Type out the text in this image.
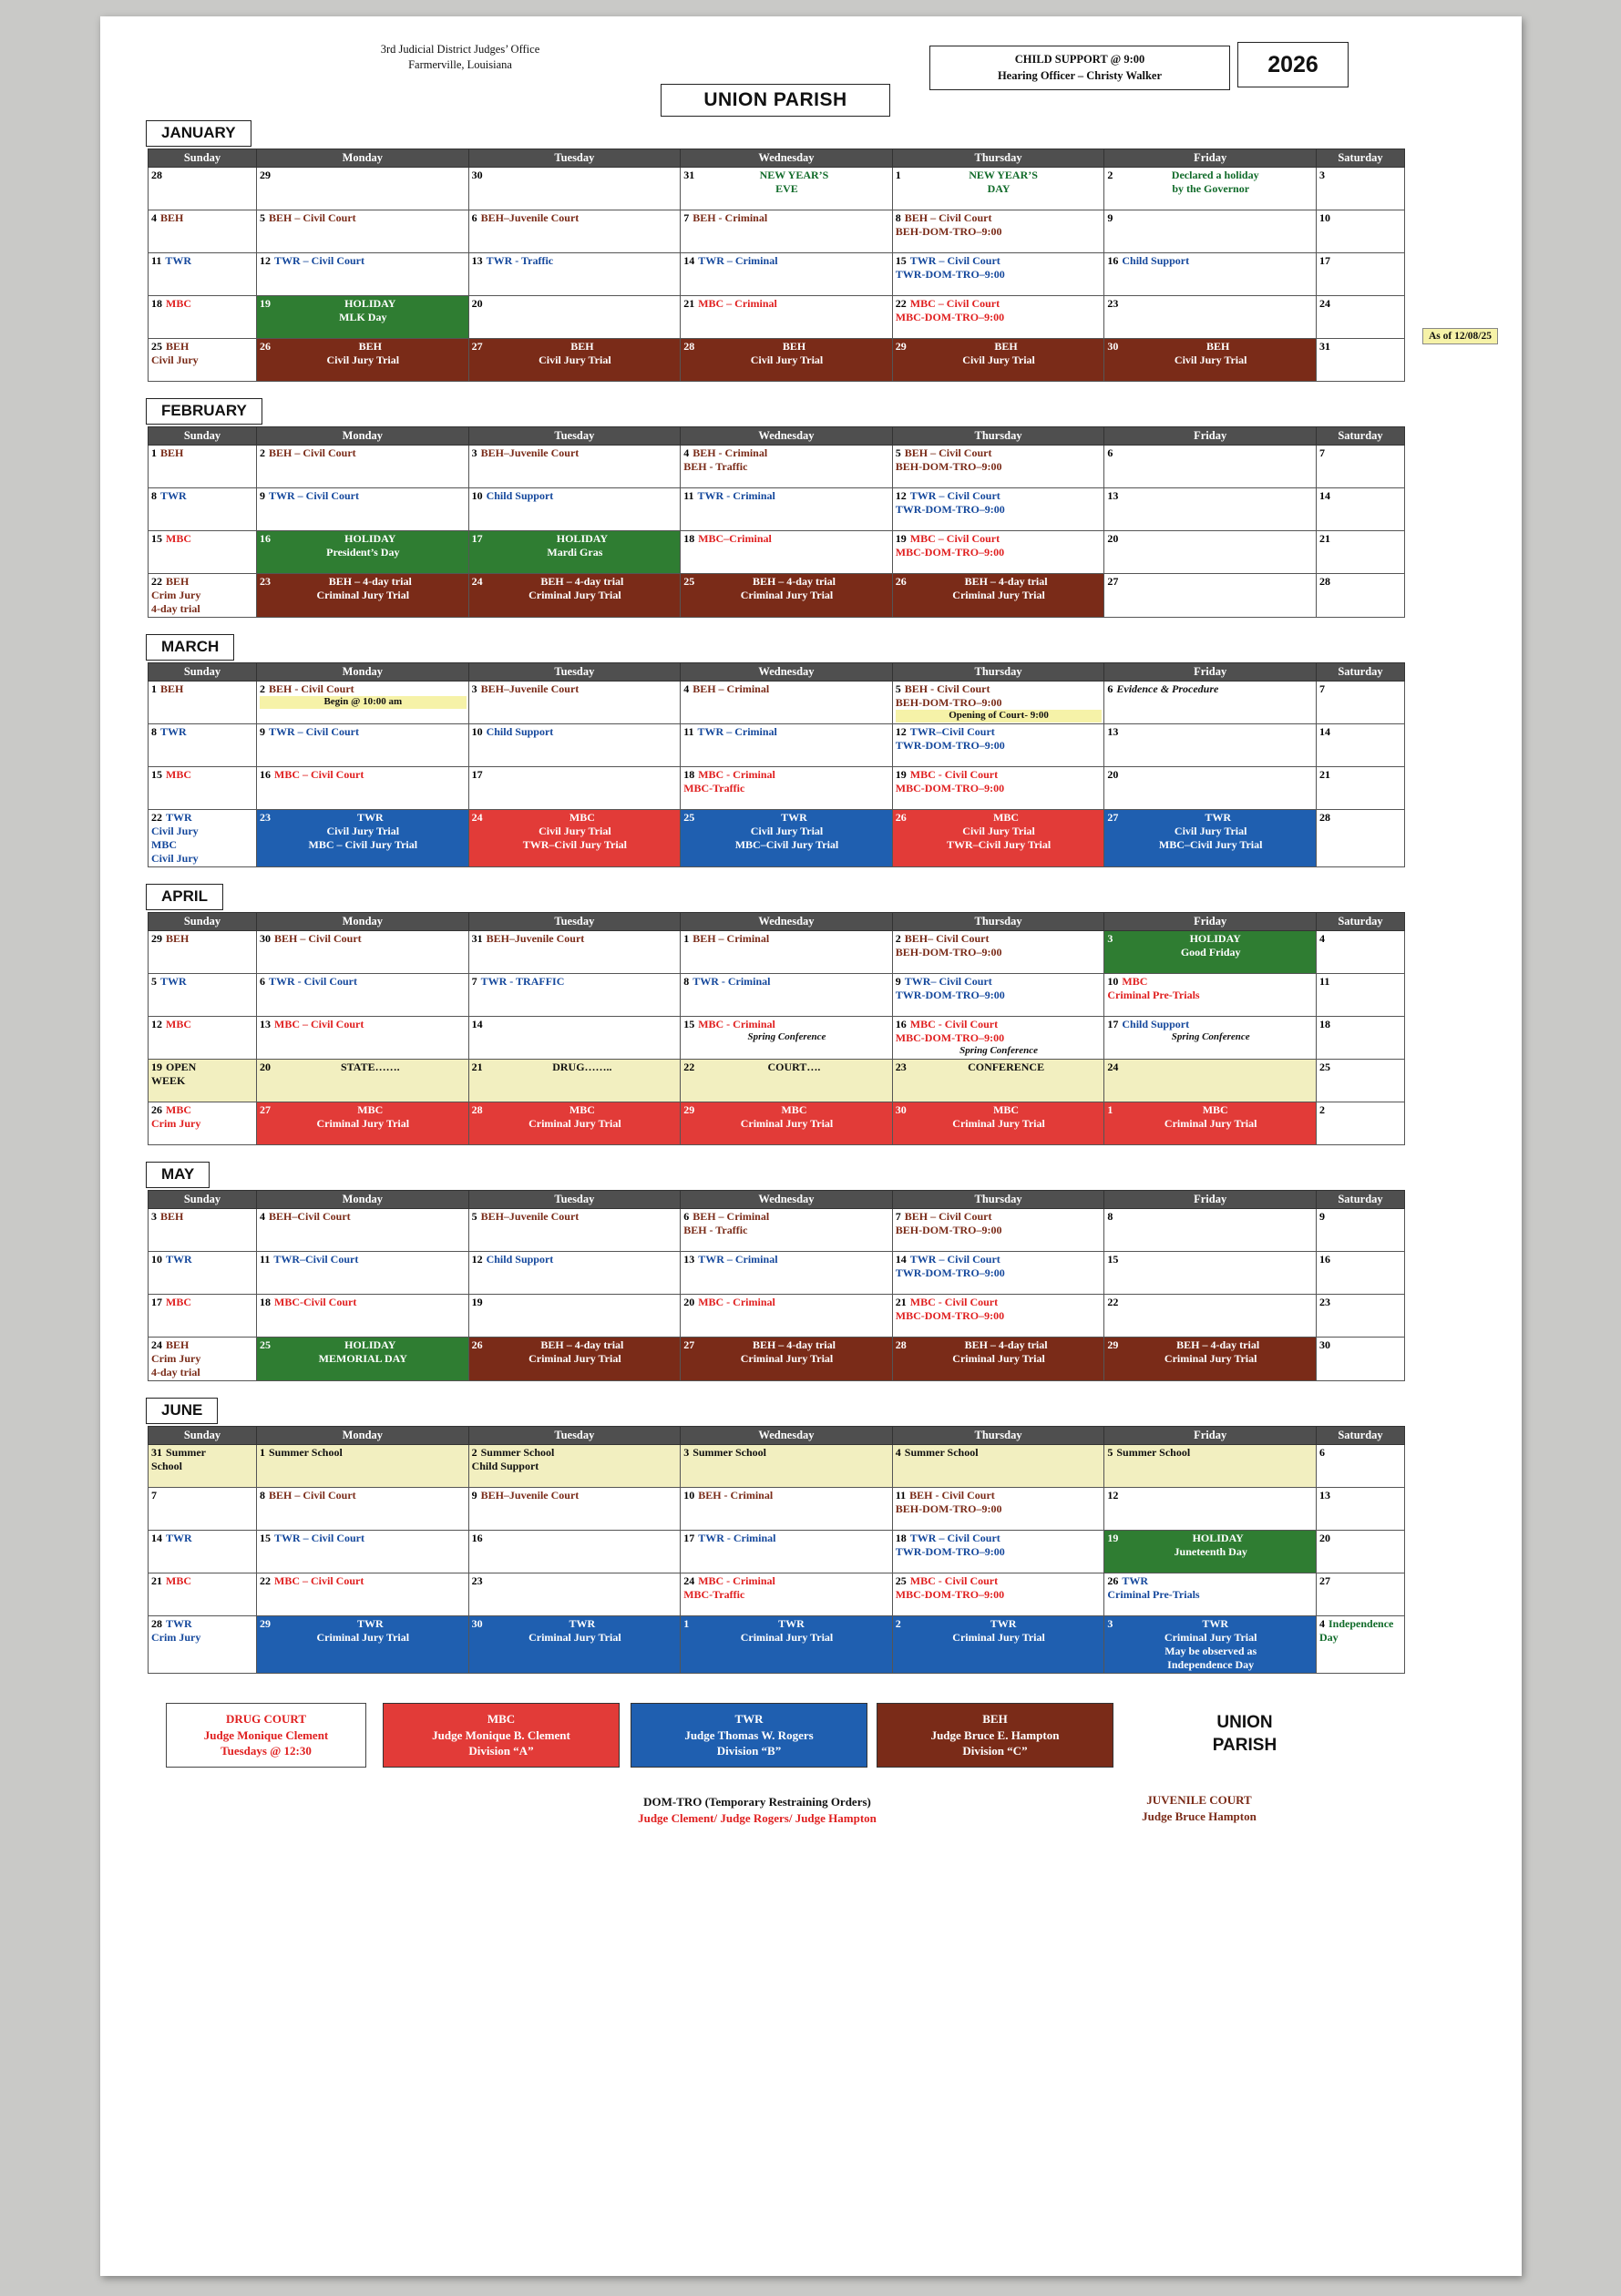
3rd Judicial District Judges’ Office
Farmerville, Louisiana
UNION PARISH
CHILD SUPPORT @ 9:00
Hearing Officer – Christy Walker	2026
JANUARY
As of 12/08/25
Sunday	Monday	Tuesday	Wednesday	Thursday	Friday	Saturday

28	29	30	31 NEW YEAR’S
EVE	1 NEW YEAR’S
DAY	2 Declared a holiday
by the Governor	3

4 BEH	5 BEH – Civil Court	6 BEH–Juvenile Court	7 BEH - Criminal	8 BEH – Civil Court
BEH-DOM-TRO–9:00	9	10

11 TWR	12 TWR – Civil Court	13 TWR - Traffic	14 TWR – Criminal	15 TWR – Civil Court
TWR-DOM-TRO–9:00	16 Child Support	17

18 MBC	19 HOLIDAY
MLK Day	20	21 MBC – Criminal	22 MBC – Civil Court
MBC-DOM-TRO–9:00	23	24

25 BEH
Civil Jury	26 BEH
Civil Jury Trial	27 BEH
Civil Jury Trial	28 BEH
Civil Jury Trial	29 BEH
Civil Jury Trial	30 BEH
Civil Jury Trial	31
FEBRUARY
Sunday	Monday	Tuesday	Wednesday	Thursday	Friday	Saturday

1 BEH	2 BEH – Civil Court	3 BEH–Juvenile Court	4 BEH - Criminal
BEH - Traffic	5 BEH – Civil Court
BEH-DOM-TRO–9:00	6	7

8 TWR	9 TWR – Civil Court	10 Child Support	11 TWR - Criminal	12 TWR – Civil Court
TWR-DOM-TRO–9:00	13	14

15 MBC	16 HOLIDAY
President’s Day	17 HOLIDAY
Mardi Gras	18 MBC–Criminal	19 MBC – Civil Court
MBC-DOM-TRO–9:00	20	21

22 BEH
Crim Jury
4-day trial	23 BEH – 4-day trial
Criminal Jury Trial	24 BEH – 4-day trial
Criminal Jury Trial	25 BEH – 4-day trial
Criminal Jury Trial	26 BEH – 4-day trial
Criminal Jury Trial	27	28
MARCH
Sunday	Monday	Tuesday	Wednesday	Thursday	Friday	Saturday

1 BEH	2 BEH - Civil Court
Begin @ 10:00 am	3 BEH–Juvenile Court	4 BEH – Criminal	5 BEH - Civil Court
BEH-DOM-TRO–9:00
Opening of Court- 9:00	6 Evidence & Procedure	7

8 TWR	9 TWR – Civil Court	10 Child Support	11 TWR – Criminal	12 TWR–Civil Court
TWR-DOM-TRO–9:00	13	14

15 MBC	16 MBC – Civil Court	17	18 MBC - Criminal
MBC-Traffic	19 MBC - Civil Court
MBC-DOM-TRO–9:00	20	21

22 TWR
Civil Jury
MBC
Civil Jury	23 TWR
Civil Jury Trial
MBC – Civil Jury Trial	24 MBC
Civil Jury Trial
TWR–Civil Jury Trial	25 TWR
Civil Jury Trial
MBC–Civil Jury Trial	26 MBC
Civil Jury Trial
TWR–Civil Jury Trial	27 TWR
Civil Jury Trial
MBC–Civil Jury Trial	28
APRIL
Sunday	Monday	Tuesday	Wednesday	Thursday	Friday	Saturday

29 BEH	30 BEH – Civil Court	31 BEH–Juvenile Court	1 BEH – Criminal	2 BEH– Civil Court
BEH-DOM-TRO–9:00	3 HOLIDAY
Good Friday	4

5 TWR	6 TWR - Civil Court	7 TWR - TRAFFIC	8 TWR - Criminal	9 TWR– Civil Court
TWR-DOM-TRO–9:00	10 MBC
Criminal Pre-Trials	11

12 MBC	13 MBC – Civil Court	14	15 MBC - Criminal
Spring Conference	16 MBC - Civil Court
MBC-DOM-TRO–9:00
Spring Conference	17 Child Support
Spring Conference	18

19 OPEN
WEEK	20 STATE…….	21 DRUG……..	22 COURT….	23 CONFERENCE	24	25

26 MBC
Crim Jury	27 MBC
Criminal Jury Trial	28 MBC
Criminal Jury Trial	29 MBC
Criminal Jury Trial	30 MBC
Criminal Jury Trial	1 MBC
Criminal Jury Trial	2
MAY
Sunday	Monday	Tuesday	Wednesday	Thursday	Friday	Saturday

3 BEH	4 BEH–Civil Court	5 BEH–Juvenile Court	6 BEH – Criminal
BEH - Traffic	7 BEH – Civil Court
BEH-DOM-TRO–9:00	8	9

10 TWR	11 TWR–Civil Court	12 Child Support	13 TWR – Criminal	14 TWR – Civil Court
TWR-DOM-TRO–9:00	15	16

17 MBC	18 MBC-Civil Court	19	20 MBC - Criminal	21 MBC - Civil Court
MBC-DOM-TRO–9:00	22	23

24 BEH
Crim Jury
4-day trial	25 HOLIDAY
MEMORIAL DAY	26 BEH – 4-day trial
Criminal Jury Trial	27 BEH – 4-day trial
Criminal Jury Trial	28 BEH – 4-day trial
Criminal Jury Trial	29 BEH – 4-day trial
Criminal Jury Trial	30
JUNE
Sunday	Monday	Tuesday	Wednesday	Thursday	Friday	Saturday

31 Summer
School	1 Summer School	2 Summer School
Child Support	3 Summer School	4 Summer School	5 Summer School	6

7	8 BEH – Civil Court	9 BEH–Juvenile Court	10 BEH - Criminal	11 BEH - Civil Court
BEH-DOM-TRO–9:00	12	13

14 TWR	15 TWR – Civil Court	16	17 TWR - Criminal	18 TWR – Civil Court
TWR-DOM-TRO–9:00	19 HOLIDAY
Juneteenth Day	20

21 MBC	22 MBC – Civil Court	23	24 MBC - Criminal
MBC-Traffic	25 MBC - Civil Court
MBC-DOM-TRO–9:00	26 TWR
Criminal Pre-Trials	27

28 TWR
Crim Jury	29 TWR
Criminal Jury Trial	30 TWR
Criminal Jury Trial	1 TWR
Criminal Jury Trial	2 TWR
Criminal Jury Trial	3 TWR
Criminal Jury Trial
May be observed as
Independence Day	4 Independence
Day
DRUG COURT
Judge Monique Clement
Tuesdays @ 12:30
MBC
Judge Monique B. Clement
Division “A”
TWR
Judge Thomas W. Rogers
Division “B”
BEH
Judge Bruce E. Hampton
Division “C”
UNION
PARISH
DOM-TRO (Temporary Restraining Orders)
Judge Clement/ Judge Rogers/ Judge Hampton
JUVENILE COURT
Judge Bruce Hampton
